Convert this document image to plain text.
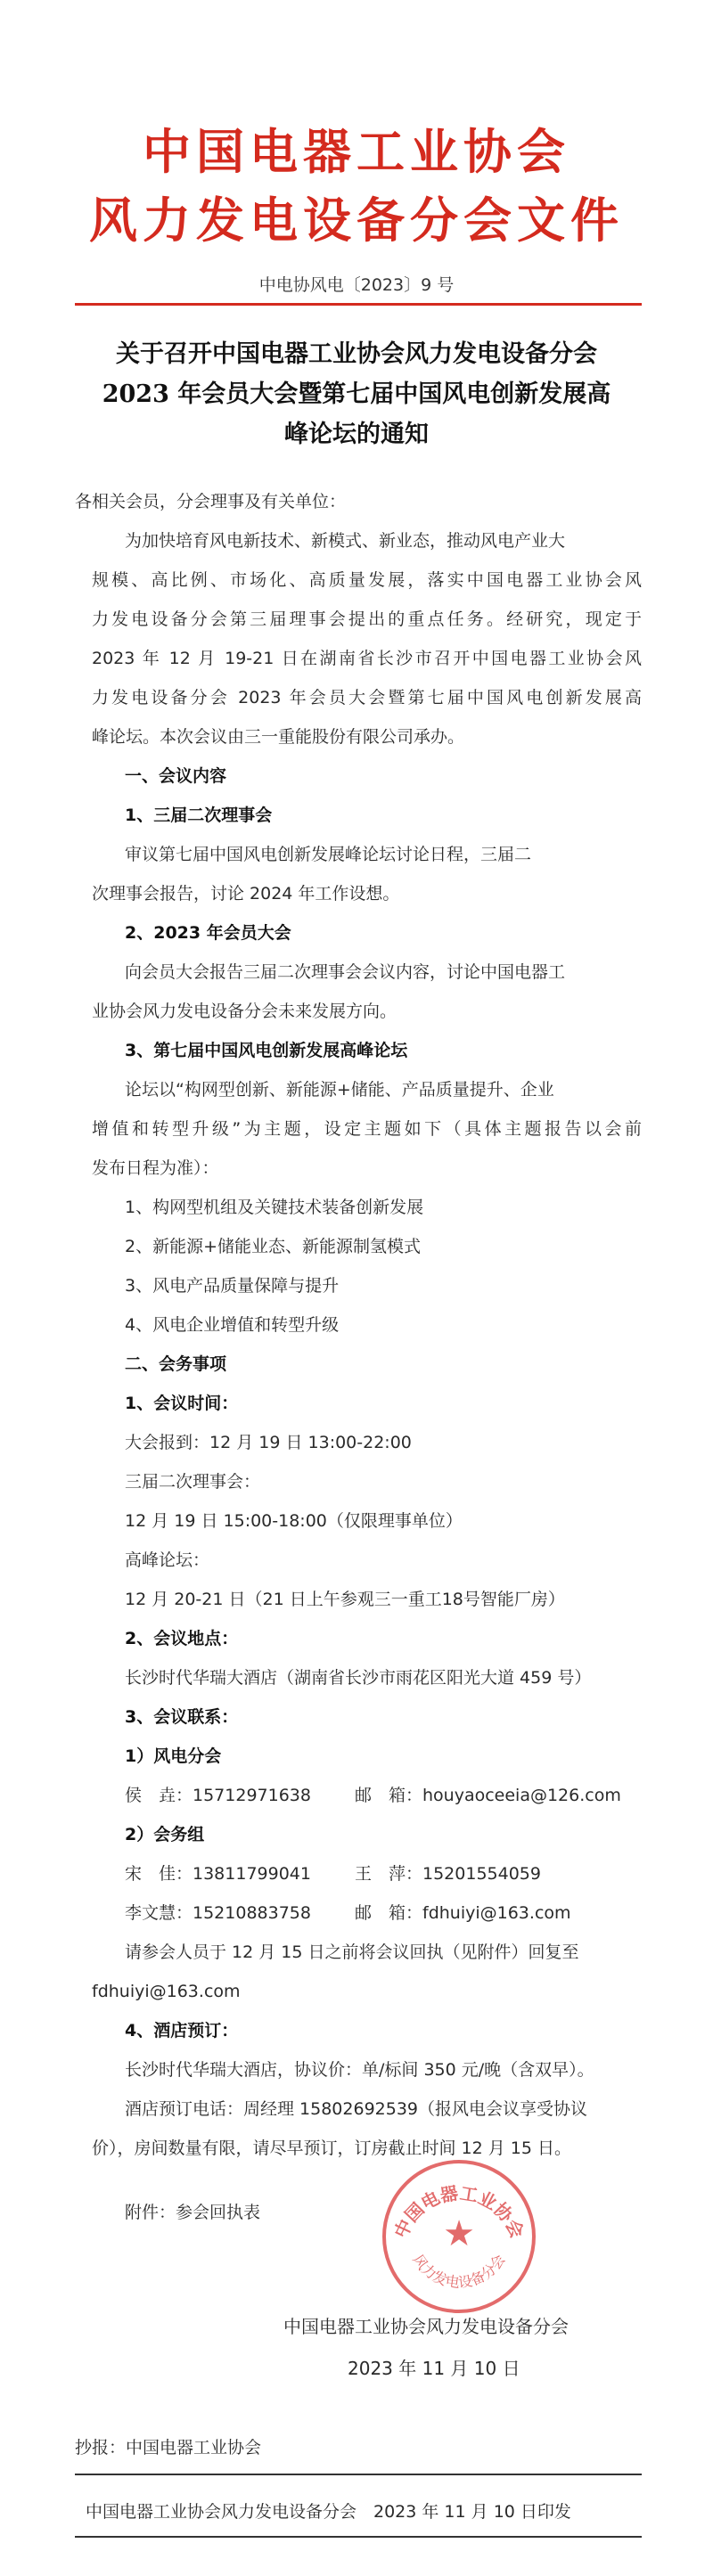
中国电器工业协会
风力发电设备分会文件
中电协风电〔2023〕9 号
关于召开中国电器工业协会风力发电设备分会
2023 年会员大会暨第七届中国风电创新发展高
峰论坛的通知
各相关会员，分会理事及有关单位：
为加快培育风电新技术、新模式、新业态，推动风电产业大
规模、高比例、市场化、高质量发展，落实中国电器工业协会风
力发电设备分会第三届理事会提出的重点任务。经研究，现定于
2023 年 12 月 19-21 日在湖南省长沙市召开中国电器工业协会风
力发电设备分会 2023 年会员大会暨第七届中国风电创新发展高
峰论坛。本次会议由三一重能股份有限公司承办。
一、会议内容
1、三届二次理事会
审议第七届中国风电创新发展峰论坛讨论日程，三届二
次理事会报告，讨论 2024 年工作设想。
2、2023 年会员大会
向会员大会报告三届二次理事会会议内容，讨论中国电器工
业协会风力发电设备分会未来发展方向。
3、第七届中国风电创新发展高峰论坛
论坛以“构网型创新、新能源+储能、产品质量提升、企业
增值和转型升级”为主题，设定主题如下（具体主题报告以会前
发布日程为准）：
1、构网型机组及关键技术装备创新发展
2、新能源+储能业态、新能源制氢模式
3、风电产品质量保障与提升
4、风电企业增值和转型升级
二、会务事项
1、会议时间：
大会报到：12 月 19 日 13:00-22:00
三届二次理事会：
12 月 19 日 15:00-18:00（仅限理事单位）
高峰论坛：
12 月 20-21 日（21 日上午参观三一重工18号智能厂房）
2、会议地点：
长沙时代华瑞大酒店（湖南省长沙市雨花区阳光大道 459 号）
3、会议联系：
1）风电分会
侯　垚：15712971638	邮　箱：houyaoceeia@126.com
2）会务组
宋　佳：13811799041	王　萍：15201554059
李文慧：15210883758	邮　箱：fdhuiyi@163.com
请参会人员于 12 月 15 日之前将会议回执（见附件）回复至
fdhuiyi@163.com
4、酒店预订：
长沙时代华瑞大酒店，协议价：单/标间 350 元/晚（含双早）。
酒店预订电话：周经理 15802692539（报风电会议享受协议
价），房间数量有限，请尽早预订，订房截止时间 12 月 15 日。
附件：参会回执表
中国电器工业协会
★
风力发电设备分会
中国电器工业协会风力发电设备分会
2023 年 11 月 10 日
抄报：中国电器工业协会
中国电器工业协会风力发电设备分会　2023 年 11 月 10 日印发
